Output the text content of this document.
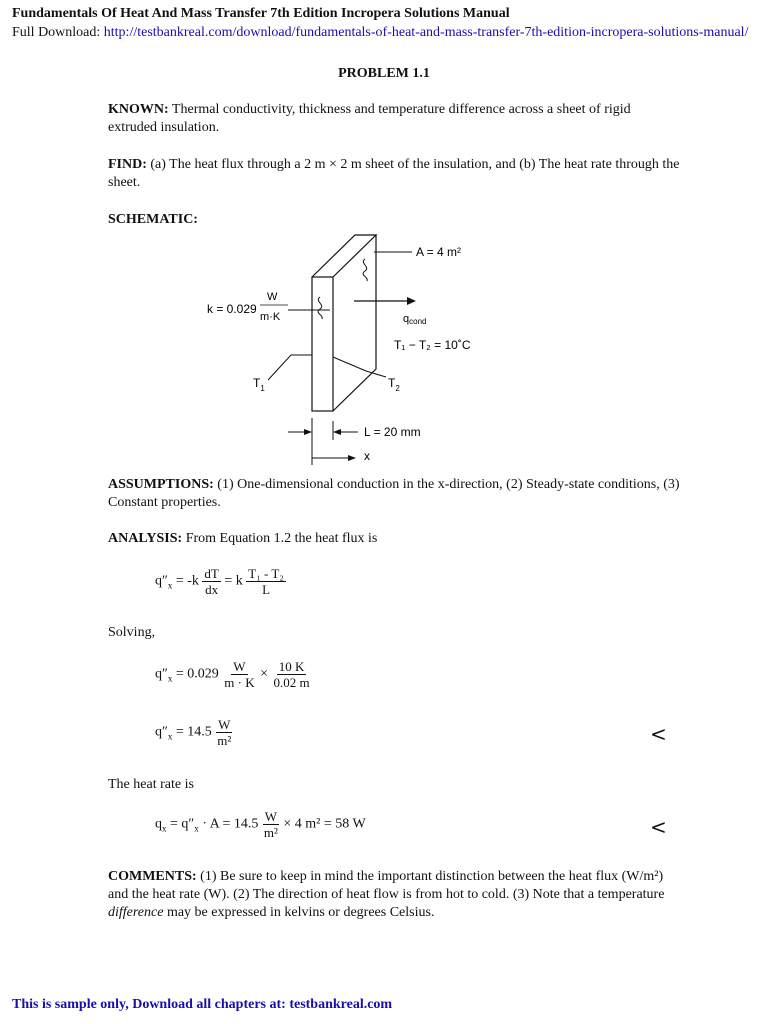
Fundamentals Of Heat And Mass Transfer 7th Edition Incropera Solutions Manual
Full Download: http://testbankreal.com/download/fundamentals-of-heat-and-mass-transfer-7th-edition-incropera-solutions-manual/
PROBLEM 1.1
KNOWN: Thermal conductivity, thickness and temperature difference across a sheet of rigid extruded insulation.
FIND: (a) The heat flux through a 2 m × 2 m sheet of the insulation, and (b) The heat rate through the sheet.
SCHEMATIC:
A = 4 m²
k = 0.029
W
m·K	qcond
T₁ − T₂ = 10˚C
$T_1$	$T_2$
L = 20 mm
x
ASSUMPTIONS: (1) One-dimensional conduction in the x-direction, (2) Steady-state conditions, (3) Constant properties.
ANALYSIS: From Equation 1.2 the heat flux is
$q''_x = -k \frac{dT}{dx} = k \frac{\text{T₁ - T₂}}{L}$
Solving,
$q''_x = 0.029 \frac{W}{m \cdot K} \times \frac{10 K}{0.02 m}$
$q''_x = 14.5 \frac{W}{\text{m²}}$	<
The heat rate is
$q_x = q''_x \cdot A = 14.5 \frac{W}{\text{m²}} \times 4$ m² = 58 W	<
COMMENTS: (1) Be sure to keep in mind the important distinction between the heat flux (W/m²) and the heat rate (W). (2) The direction of heat flow is from hot to cold. (3) Note that a temperature difference may be expressed in kelvins or degrees Celsius.
This is sample only, Download all chapters at: testbankreal.com
